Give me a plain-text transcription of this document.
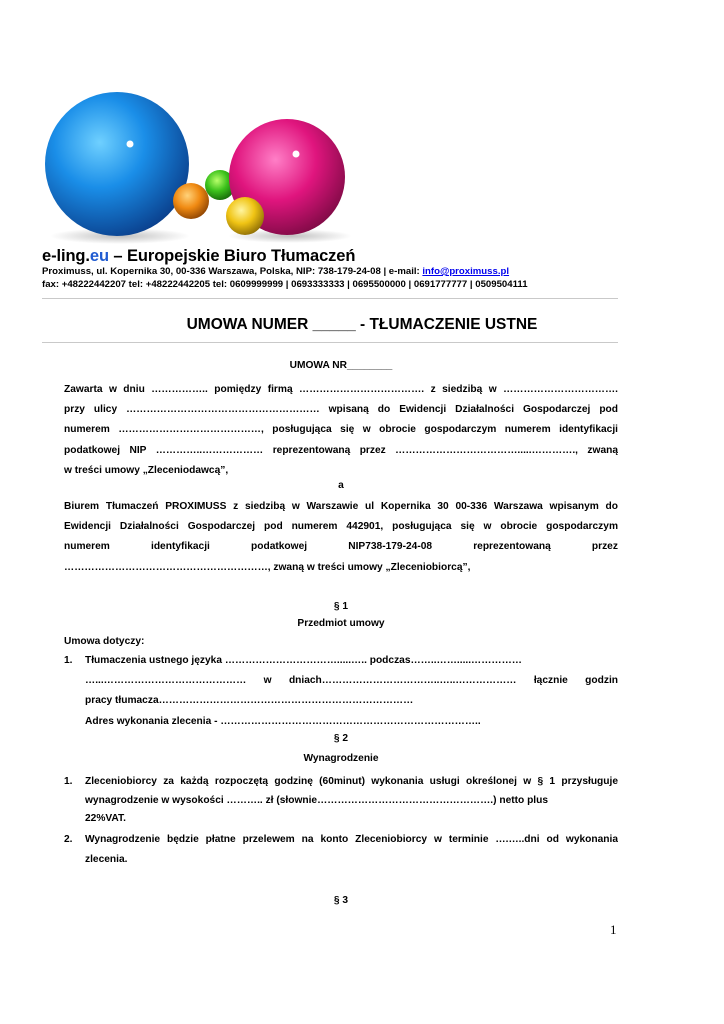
e-ling.eu – Europejskie Biuro Tłumaczeń
Proximuss, ul. Kopernika 30, 00-336 Warszawa, Polska, NIP: 738-179-24-08 | e-mail: info@proximuss.pl
fax: +48222442207 tel: +48222442205 tel: 0609999999 | 0693333333 | 0695500000 | 0691777777 | 0509504111
UMOWA NUMER _____ - TŁUMACZENIE USTNE
UMOWA NR________
Zawarta w dniu …………….. pomiędzy firmą ………………………………. z siedzibą w …………………………….
przy ulicy ………………………………………………… wpisaną do Ewidencji Działalności Gospodarczej pod
numerem ……………………………………, posługująca się w obrocie gospodarczym numerem identyfikacji
podatkowej NIP …………..……………… reprezentowaną przez ……………………………….....…………., zwaną
w treści umowy „Zleceniodawcą”,
a
Biurem Tłumaczeń PROXIMUSS z siedzibą w Warszawie ul Kopernika 30 00-336 Warszawa wpisanym do
Ewidencji Działalności Gospodarczej pod numerem 442901, posługująca się w obrocie gospodarczym
numerem	identyfikacji	podatkowej	NIP738-179-24-08	reprezentowaną	przez
……………………………………………………, zwaną w treści umowy „Zleceniobiorcą”,
§ 1
Przedmiot umowy
Umowa dotyczy:
1. Tłumaczenia ustnego języka …………………………….....….. podczas……..…….....……………
…...…………………………………… w dniach……………………………..…..……………… łącznie godzin
pracy tłumacza…………………………………………………………………
Adres wykonania zlecenia - …………………………………………………………………..
§ 2
Wynagrodzenie
1. Zleceniobiorcy za każdą rozpoczętą godzinę (60minut) wykonania usługi określonej w § 1 przysługuje
wynagrodzenie w wysokości ……….. zł (słownie…………………………………………….) netto plus
22%VAT.
2. Wynagrodzenie będzie płatne przelewem na konto Zleceniobiorcy w terminie ….…..dni od wykonania
zlecenia.
§ 3
1
